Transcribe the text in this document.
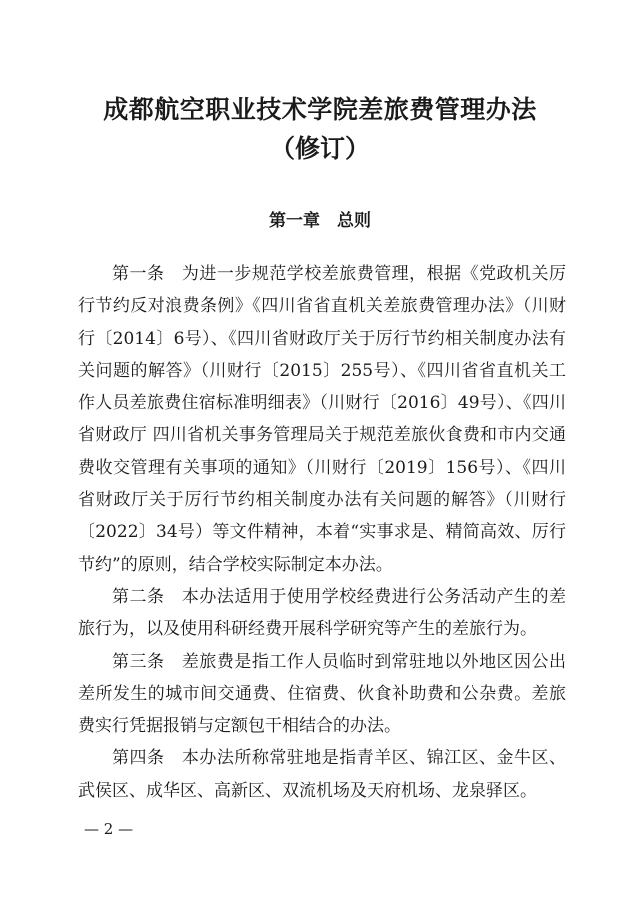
成都航空职业技术学院差旅费管理办法
（修订）
第一章　总则

第一条　为进一步规范学校差旅费管理，根据《党政机关厉行节约反对浪费条例》《四川省省直机关差旅费管理办法》（川财行〔2014〕6号）、《四川省财政厅关于厉行节约相关制度办法有关问题的解答》（川财行〔2015〕255号）、《四川省省直机关工作人员差旅费住宿标准明细表》（川财行〔2016〕49号）、《四川省财政厅 四川省机关事务管理局关于规范差旅伙食费和市内交通费收交管理有关事项的通知》（川财行〔2019〕156号）、《四川省财政厅关于厉行节约相关制度办法有关问题的解答》（川财行〔2022〕34号）等文件精神，本着“实事求是、精简高效、厉行节约”的原则，结合学校实际制定本办法。

第二条　本办法适用于使用学校经费进行公务活动产生的差旅行为，以及使用科研经费开展科学研究等产生的差旅行为。

第三条　差旅费是指工作人员临时到常驻地以外地区因公出差所发生的城市间交通费、住宿费、伙食补助费和公杂费。差旅费实行凭据报销与定额包干相结合的办法。

第四条　本办法所称常驻地是指青羊区、锦江区、金牛区、武侯区、成华区、高新区、双流机场及天府机场、龙泉驿区。

— 2 —
